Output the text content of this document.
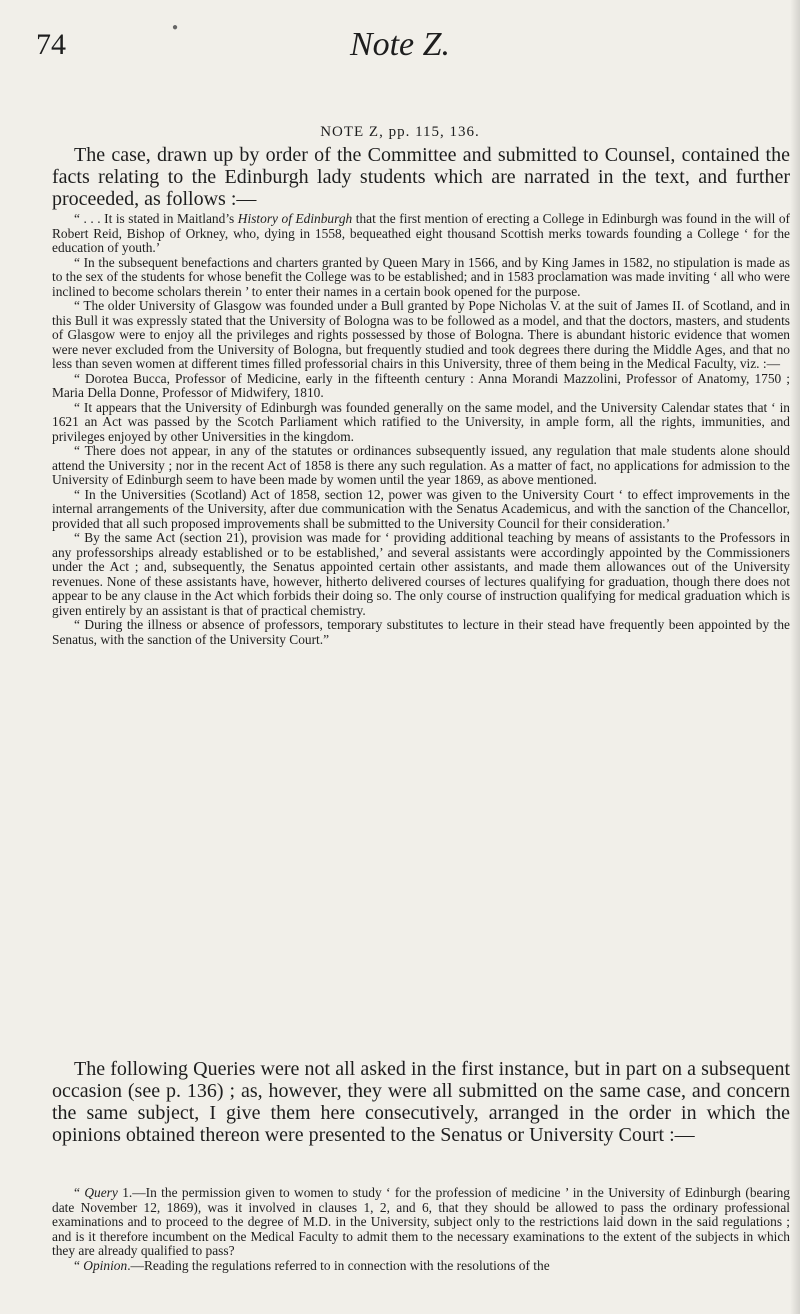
74
●	Note Z.
NOTE Z, pp. 115, 136.

The case, drawn up by order of the Committee and submitted to Counsel, contained the facts relating to the Edinburgh lady students which are narrated in the text, and further proceeded, as follows :—

“ . . . It is stated in Maitland’s History of Edinburgh that the first mention of erecting a College in Edinburgh was found in the will of Robert Reid, Bishop of Orkney, who, dying in 1558, bequeathed eight thousand Scottish merks towards founding a College ‘ for the education of youth.’

“ In the subsequent benefactions and charters granted by Queen Mary in 1566, and by King James in 1582, no stipulation is made as to the sex of the students for whose benefit the College was to be established; and in 1583 proclamation was made inviting ‘ all who were inclined to become scholars therein ’ to enter their names in a certain book opened for the purpose.

“ The older University of Glasgow was founded under a Bull granted by Pope Nicholas V. at the suit of James II. of Scotland, and in this Bull it was expressly stated that the University of Bologna was to be followed as a model, and that the doctors, masters, and students of Glasgow were to enjoy all the privileges and rights possessed by those of Bologna. There is abundant historic evidence that women were never excluded from the University of Bologna, but frequently studied and took degrees there during the Middle Ages, and that no less than seven women at different times filled professorial chairs in this University, three of them being in the Medical Faculty, viz. :—

“ Dorotea Bucca, Professor of Medicine, early in the fifteenth century : Anna Morandi Mazzolini, Professor of Anatomy, 1750 ; Maria Della Donne, Professor of Midwifery, 1810.

“ It appears that the University of Edinburgh was founded generally on the same model, and the University Calendar states that ‘ in 1621 an Act was passed by the Scotch Parliament which ratified to the University, in ample form, all the rights, immunities, and privileges enjoyed by other Universities in the kingdom.

“ There does not appear, in any of the statutes or ordinances subsequently issued, any regulation that male students alone should attend the University ; nor in the recent Act of 1858 is there any such regulation. As a matter of fact, no applications for admission to the University of Edinburgh seem to have been made by women until the year 1869, as above mentioned.

“ In the Universities (Scotland) Act of 1858, section 12, power was given to the University Court ‘ to effect improvements in the internal arrangements of the University, after due communication with the Senatus Academicus, and with the sanction of the Chancellor, provided that all such proposed improvements shall be submitted to the University Council for their consideration.’

“ By the same Act (section 21), provision was made for ‘ providing additional teaching by means of assistants to the Professors in any professorships already established or to be established,’ and several assistants were accordingly appointed by the Commissioners under the Act ; and, subsequently, the Senatus appointed certain other assistants, and made them allowances out of the University revenues. None of these assistants have, however, hitherto delivered courses of lectures qualifying for graduation, though there does not appear to be any clause in the Act which forbids their doing so. The only course of instruction qualifying for medical graduation which is given entirely by an assistant is that of practical chemistry.

“ During the illness or absence of professors, temporary substitutes to lecture in their stead have frequently been appointed by the Senatus, with the sanction of the University Court.”

The following Queries were not all asked in the first instance, but in part on a subsequent occasion (see p. 136) ; as, however, they were all submitted on the same case, and concern the same subject, I give them here consecutively, arranged in the order in which the opinions obtained thereon were presented to the Senatus or University Court :—

“ Query 1.—In the permission given to women to study ‘ for the profession of medicine ’ in the University of Edinburgh (bearing date November 12, 1869), was it involved in clauses 1, 2, and 6, that they should be allowed to pass the ordinary professional examinations and to proceed to the degree of M.D. in the University, subject only to the restrictions laid down in the said regulations ; and is it therefore incumbent on the Medical Faculty to admit them to the necessary examinations to the extent of the subjects in which they are already qualified to pass?

“ Opinion.—Reading the regulations referred to in connection with the resolutions of the
